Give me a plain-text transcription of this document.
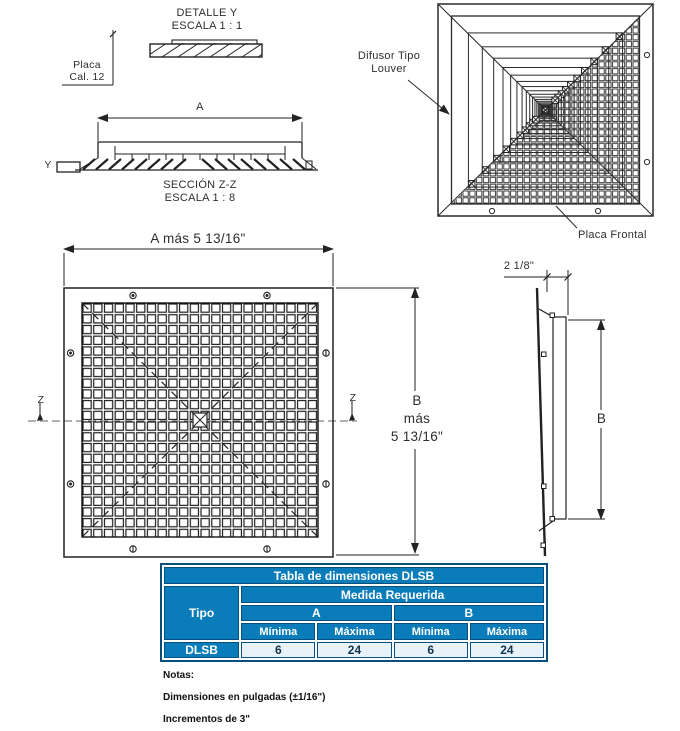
DETALLE Y
ESCALA 1 : 1
Placa
Cal. 12
A
Y
SECCIÓN Z-Z
ESCALA 1 : 8
Difusor Tipo
Louver
Placa Frontal
A más 5 13/16"
B
más
5 13/16"
Z	Z
2 1/8"
B
Tabla de dimensiones DLSB				
Tipo	Medida Requerida			
	A		B	
	Mínima	Máxima	Mínima	Máxima
DLSB	6	24	6	24
Notas:
Dimensiones en pulgadas (±1/16")
Incrementos de 3"
